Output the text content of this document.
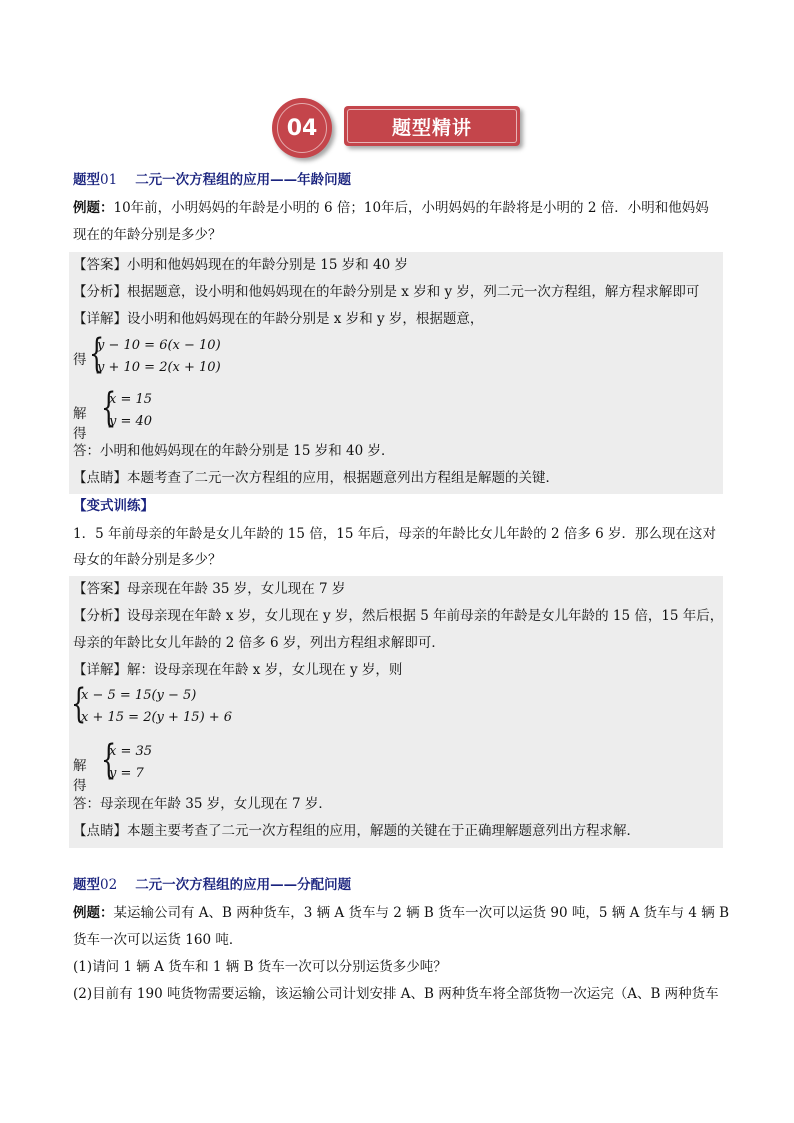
04	题型精讲
题型01 二元一次方程组的应用——年龄问题
例题：10年前，小明妈妈的年龄是小明的 6 倍；10年后，小明妈妈的年龄将是小明的 2 倍．小明和他妈妈
现在的年龄分别是多少？
【答案】小明和他妈妈现在的年龄分别是 15 岁和 40 岁
【分析】根据题意，设小明和他妈妈现在的年龄分别是 x 岁和 y 岁，列二元一次方程组，解方程求解即可
【详解】设小明和他妈妈现在的年龄分别是 x 岁和 y 岁，根据题意，
得 {
y − 10 = 6(x − 10)
y + 10 = 2(x + 10)
解得
{
x = 15
y = 40
答：小明和他妈妈现在的年龄分别是 15 岁和 40 岁．
【点睛】本题考查了二元一次方程组的应用，根据题意列出方程组是解题的关键．
【变式训练】
1．5 年前母亲的年龄是女儿年龄的 15 倍，15 年后，母亲的年龄比女儿年龄的 2 倍多 6 岁．那么现在这对
母女的年龄分别是多少？
【答案】母亲现在年龄 35 岁，女儿现在 7 岁
【分析】设母亲现在年龄 x 岁，女儿现在 y 岁，然后根据 5 年前母亲的年龄是女儿年龄的 15 倍，15 年后，
母亲的年龄比女儿年龄的 2 倍多 6 岁，列出方程组求解即可．
【详解】解：设母亲现在年龄 x 岁，女儿现在 y 岁，则
{
x − 5 = 15(y − 5)
x + 15 = 2(y + 15) + 6
解得
{
x = 35
y = 7
答：母亲现在年龄 35 岁，女儿现在 7 岁．
【点睛】本题主要考查了二元一次方程组的应用，解题的关键在于正确理解题意列出方程求解．
题型02 二元一次方程组的应用——分配问题
例题：某运输公司有 A、B 两种货车，3 辆 A 货车与 2 辆 B 货车一次可以运货 90 吨，5 辆 A 货车与 4 辆 B
货车一次可以运货 160 吨．
(1)请问 1 辆 A 货车和 1 辆 B 货车一次可以分别运货多少吨？
(2)目前有 190 吨货物需要运输，该运输公司计划安排 A、B 两种货车将全部货物一次运完（A、B 两种货车
